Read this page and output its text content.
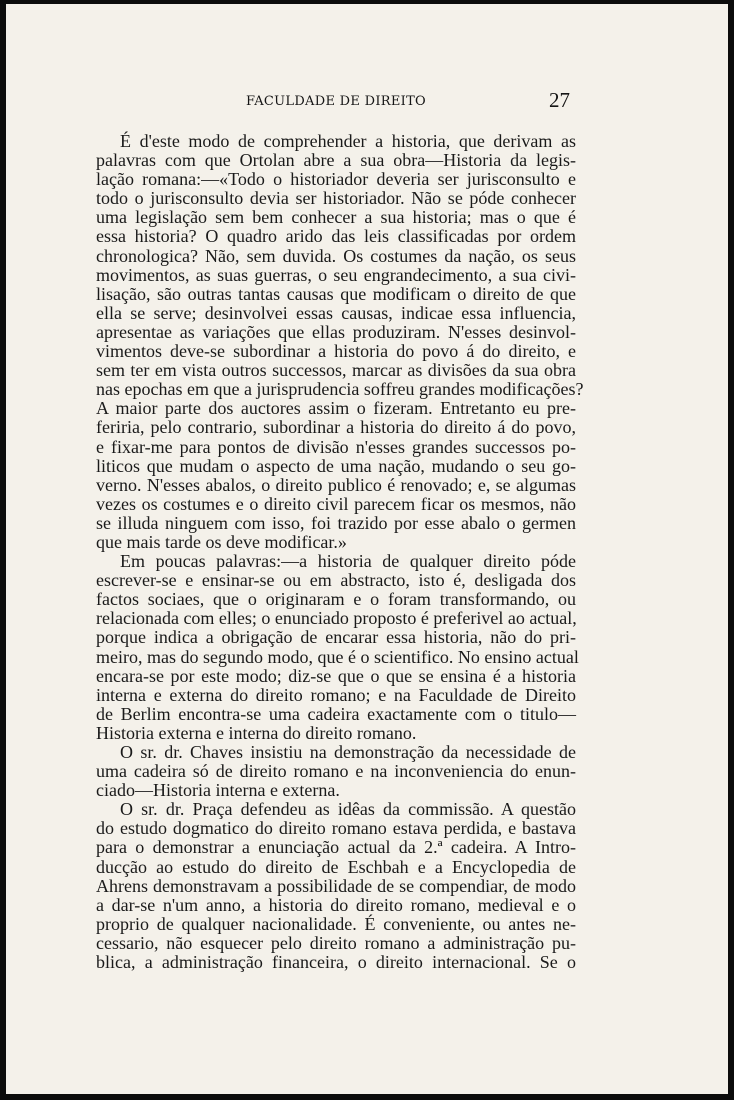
FACULDADE DE DIREITO	27
É d'este modo de comprehender a historia, que derivam as
palavras com que Ortolan abre a sua obra—Historia da legis-
lação romana:—«Todo o historiador deveria ser jurisconsulto e
todo o jurisconsulto devia ser historiador. Não se póde conhecer
uma legislação sem bem conhecer a sua historia; mas o que é
essa historia? O quadro arido das leis classificadas por ordem
chronologica? Não, sem duvida. Os costumes da nação, os seus
movimentos, as suas guerras, o seu engrandecimento, a sua civi-
lisação, são outras tantas causas que modificam o direito de que
ella se serve; desinvolvei essas causas, indicae essa influencia,
apresentae as variações que ellas produziram. N'esses desinvol-
vimentos deve-se subordinar a historia do povo á do direito, e
sem ter em vista outros successos, marcar as divisões da sua obra
nas epochas em que a jurisprudencia soffreu grandes modificações?
A maior parte dos auctores assim o fizeram. Entretanto eu pre-
feriria, pelo contrario, subordinar a historia do direito á do povo,
e fixar-me para pontos de divisão n'esses grandes successos po-
liticos que mudam o aspecto de uma nação, mudando o seu go-
verno. N'esses abalos, o direito publico é renovado; e, se algumas
vezes os costumes e o direito civil parecem ficar os mesmos, não
se illuda ninguem com isso, foi trazido por esse abalo o germen
que mais tarde os deve modificar.»
Em poucas palavras:—a historia de qualquer direito póde
escrever-se e ensinar-se ou em abstracto, isto é, desligada dos
factos sociaes, que o originaram e o foram transformando, ou
relacionada com elles; o enunciado proposto é preferivel ao actual,
porque indica a obrigação de encarar essa historia, não do pri-
meiro, mas do segundo modo, que é o scientifico. No ensino actual
encara-se por este modo; diz-se que o que se ensina é a historia
interna e externa do direito romano; e na Faculdade de Direito
de Berlim encontra-se uma cadeira exactamente com o titulo—
Historia externa e interna do direito romano.
O sr. dr. Chaves insistiu na demonstração da necessidade de
uma cadeira só de direito romano e na inconveniencia do enun-
ciado—Historia interna e externa.
O sr. dr. Praça defendeu as idêas da commissão. A questão
do estudo dogmatico do direito romano estava perdida, e bastava
para o demonstrar a enunciação actual da 2.ª cadeira. A Intro-
ducção ao estudo do direito de Eschbah e a Encyclopedia de
Ahrens demonstravam a possibilidade de se compendiar, de modo
a dar-se n'um anno, a historia do direito romano, medieval e o
proprio de qualquer nacionalidade. É conveniente, ou antes ne-
cessario, não esquecer pelo direito romano a administração pu-
blica, a administração financeira, o direito internacional. Se o
